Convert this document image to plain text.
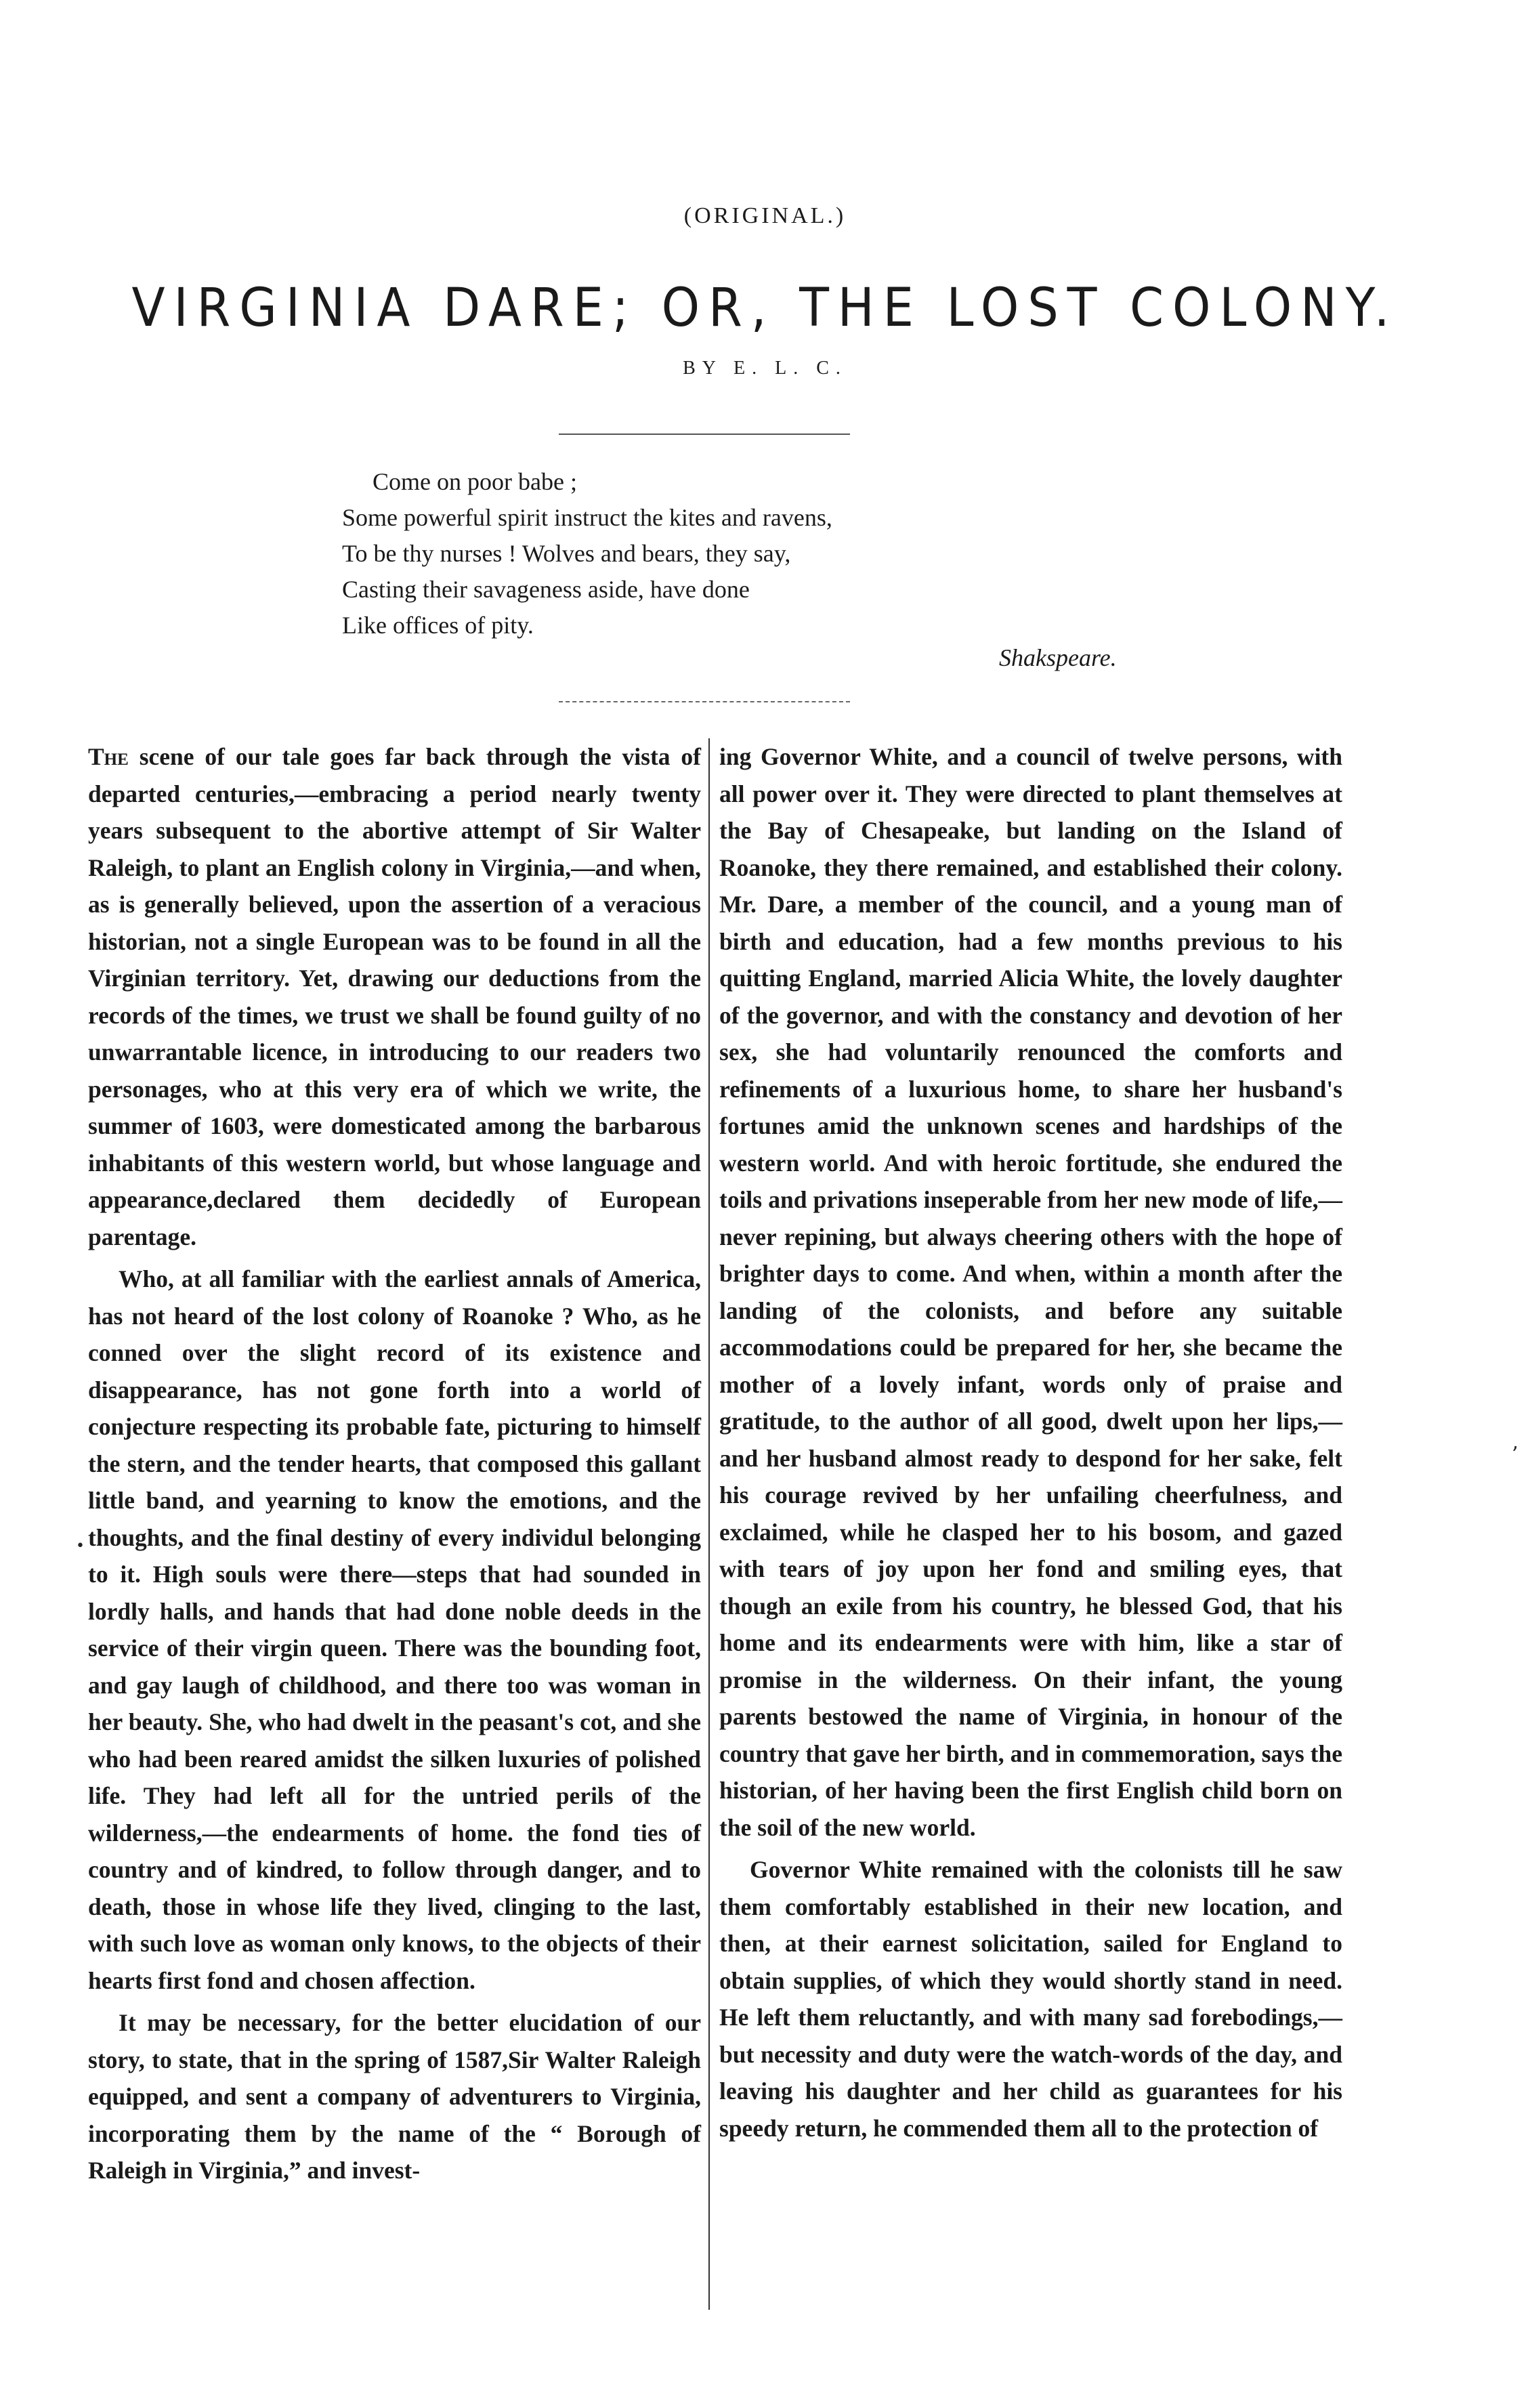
(ORIGINAL.)
VIRGINIA DARE; OR, THE LOST COLONY.
BY E. L. C.
Come on poor babe ;
Some powerful spirit instruct the kites and ravens,
To be thy nurses ! Wolves and bears, they say,
Casting their savageness aside, have done
Like offices of pity.
Shakspeare.

The scene of our tale goes far back through the vista of departed centuries,—embracing a period nearly twenty years subsequent to the abortive attempt of Sir Walter Raleigh, to plant an English colony in Virginia,—and when, as is generally believed, upon the assertion of a veracious historian, not a single European was to be found in all the Virginian territory. Yet, drawing our deductions from the records of the times, we trust we shall be found guilty of no unwarrantable licence, in introducing to our readers two personages, who at this very era of which we write, the summer of 1603, were domesticated among the barbarous inhabitants of this western world, but whose language and appearance,declared them decidedly of European parentage.

Who, at all familiar with the earliest annals of America, has not heard of the lost colony of Roanoke ? Who, as he conned over the slight record of its existence and disappearance, has not gone forth into a world of conjecture respecting its probable fate, picturing to himself the stern, and the tender hearts, that composed this gallant little band, and yearning to know the emotions, and the thoughts, and the final destiny of every individul belonging to it. High souls were there—steps that had sounded in lordly halls, and hands that had done noble deeds in the service of their virgin queen. There was the bounding foot, and gay laugh of childhood, and there too was woman in her beauty. She, who had dwelt in the peasant's cot, and she who had been reared amidst the silken luxuries of polished life. They had left all for the untried perils of the wilderness,—the endearments of home. the fond ties of country and of kindred, to follow through danger, and to death, those in whose life they lived, clinging to the last, with such love as woman only knows, to the objects of their hearts first fond and chosen affection.

It may be necessary, for the better elucidation of our story, to state, that in the spring of 1587,Sir Walter Raleigh equipped, and sent a company of adventurers to Virginia, incorporating them by the name of the “ Borough of Raleigh in Virginia,” and invest-

ing Governor White, and a council of twelve persons, with all power over it. They were directed to plant themselves at the Bay of Chesapeake, but landing on the Island of Roanoke, they there remained, and established their colony. Mr. Dare, a member of the council, and a young man of birth and education, had a few months previous to his quitting England, married Alicia White, the lovely daughter of the governor, and with the constancy and devotion of her sex, she had voluntarily renounced the comforts and refinements of a luxurious home, to share her husband's fortunes amid the unknown scenes and hardships of the western world. And with heroic fortitude, she endured the toils and privations inseperable from her new mode of life,—never repining, but always cheering others with the hope of brighter days to come. And when, within a month after the landing of the colonists, and before any suitable accommodations could be prepared for her, she became the mother of a lovely infant, words only of praise and gratitude, to the author of all good, dwelt upon her lips,—and her husband almost ready to despond for her sake, felt his courage revived by her unfailing cheerfulness, and exclaimed, while he clasped her to his bosom, and gazed with tears of joy upon her fond and smiling eyes, that though an exile from his country, he blessed God, that his home and its endearments were with him, like a star of promise in the wilderness. On their infant, the young parents bestowed the name of Virginia, in honour of the country that gave her birth, and in commemoration, says the historian, of her having been the first English child born on the soil of the new world.

Governor White remained with the colonists till he saw them comfortably established in their new location, and then, at their earnest solicitation, sailed for England to obtain supplies, of which they would shortly stand in need. He left them reluctantly, and with many sad forebodings,—but necessity and duty were the watch-words of the day, and leaving his daughter and her child as guarantees for his speedy return, he commended them all to the protection of

’
•
